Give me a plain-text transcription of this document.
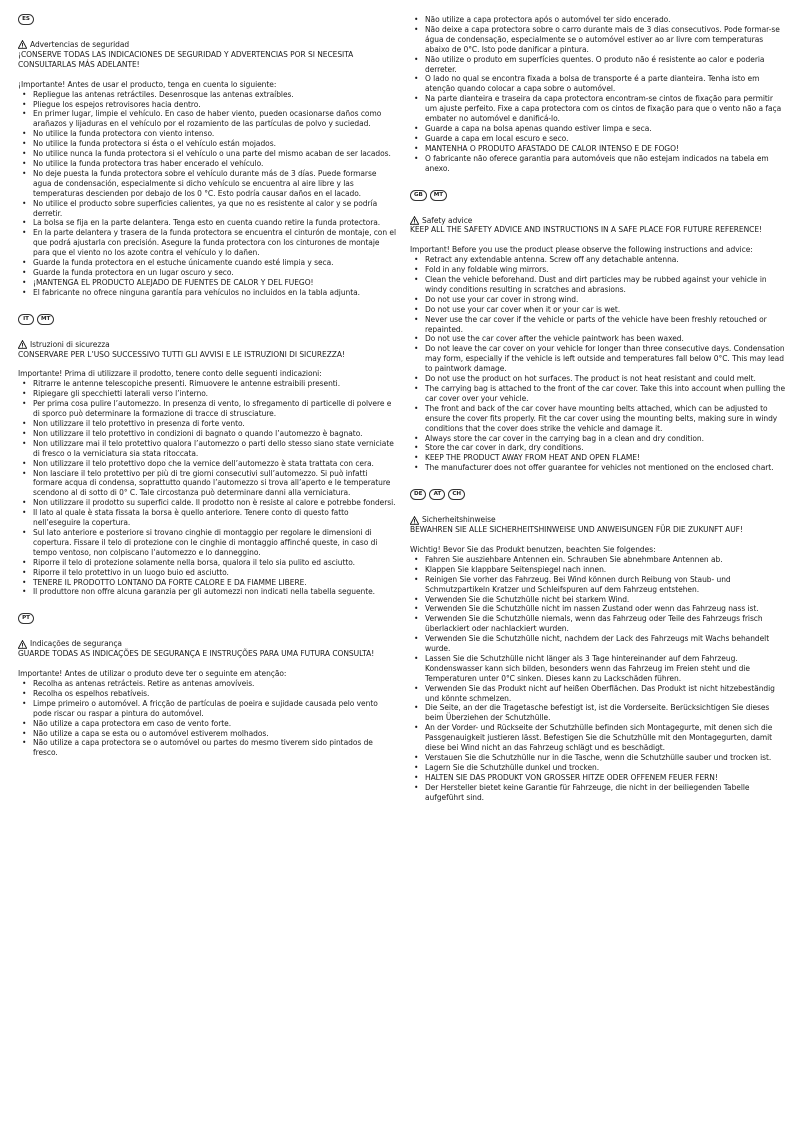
ES
Advertencias de seguridad
¡CONSERVE TODAS LAS INDICACIONES DE SEGURIDAD Y ADVERTENCIAS POR SI NECESITA CONSULTARLAS MÁS ADELANTE!
¡Importante! Antes de usar el producto, tenga en cuenta lo siguiente:
• Repliegue las antenas retráctiles. Desenrosque las antenas extraíbles.
• Pliegue los espejos retrovisores hacia dentro.
• En primer lugar, limpie el vehículo. En caso de haber viento, pueden ocasionarse daños como arañazos y lijaduras en el vehículo por el rozamiento de las partículas de polvo y suciedad.
• No utilice la funda protectora con viento intenso.
• No utilice la funda protectora si ésta o el vehículo están mojados.
• No utilice nunca la funda protectora si el vehículo o una parte del mismo acaban de ser lacados.
• No utilice la funda protectora tras haber encerado el vehículo.
• No deje puesta la funda protectora sobre el vehículo durante más de 3 días. Puede formarse agua de condensación, especialmente si dicho vehículo se encuentra al aire libre y las temperaturas descienden por debajo de los 0 °C. Esto podría causar daños en el lacado.
• No utilice el producto sobre superficies calientes, ya que no es resistente al calor y se podría derretir.
• La bolsa se fija en la parte delantera. Tenga esto en cuenta cuando retire la funda protectora.
• En la parte delantera y trasera de la funda protectora se encuentra el cinturón de montaje, con el que podrá ajustarla con precisión. Asegure la funda protectora con los cinturones de montaje para que el viento no los azote contra el vehículo y lo dañen.
• Guarde la funda protectora en el estuche únicamente cuando esté limpia y seca.
• Guarde la funda protectora en un lugar oscuro y seco.
• ¡MANTENGA EL PRODUCTO ALEJADO DE FUENTES DE CALOR Y DEL FUEGO!
• El fabricante no ofrece ninguna garantía para vehículos no incluidos en la tabla adjunta.
IT	MT
Istruzioni di sicurezza
CONSERVARE PER L’USO SUCCESSIVO TUTTI GLI AVVISI E LE ISTRUZIONI DI SICUREZZA!
Importante! Prima di utilizzare il prodotto, tenere conto delle seguenti indicazioni:
• Ritrarre le antenne telescopiche presenti. Rimuovere le antenne estraibili presenti.
• Ripiegare gli specchietti laterali verso l’interno.
• Per prima cosa pulire l’automezzo. In presenza di vento, lo sfregamento di particelle di polvere e di sporco può determinare la formazione di tracce di strusciature.
• Non utilizzare il telo protettivo in presenza di forte vento.
• Non utilizzare il telo protettivo in condizioni di bagnato o quando l’automezzo è bagnato.
• Non utilizzare mai il telo protettivo qualora l’automezzo o parti dello stesso siano state verniciate di fresco o la verniciatura sia stata ritoccata.
• Non utilizzare il telo protettivo dopo che la vernice dell’automezzo è stata trattata con cera.
• Non lasciare il telo protettivo per più di tre giorni consecutivi sull’automezzo. Si può infatti formare acqua di condensa, soprattutto quando l’automezzo si trova all’aperto e le temperature scendono al di sotto di 0° C. Tale circostanza può determinare danni alla verniciatura.
• Non utilizzare il prodotto su superfici calde. Il prodotto non è resiste al calore e potrebbe fondersi.
• Il lato al quale è stata fissata la borsa è quello anteriore. Tenere conto di questo fatto nell’eseguire la copertura.
• Sul lato anteriore e posteriore si trovano cinghie di montaggio per regolare le dimensioni di copertura. Fissare il telo di protezione con le cinghie di montaggio affinché queste, in caso di tempo ventoso, non colpiscano l’automezzo e lo danneggino.
• Riporre il telo di protezione solamente nella borsa, qualora il telo sia pulito ed asciutto.
• Riporre il telo protettivo in un luogo buio ed asciutto.
• TENERE IL PRODOTTO LONTANO DA FORTE CALORE E DA FIAMME LIBERE.
• Il produttore non offre alcuna garanzia per gli automezzi non indicati nella tabella seguente.
PT
Indicações de segurança
GUARDE TODAS AS INDICAÇÕES DE SEGURANÇA E INSTRUÇÕES PARA UMA FUTURA CONSULTA!
Importante! Antes de utilizar o produto deve ter o seguinte em atenção:
• Recolha as antenas retrácteis. Retire as antenas amovíveis.
• Recolha os espelhos rebatíveis.
• Limpe primeiro o automóvel. A fricção de partículas de poeira e sujidade causada pelo vento pode riscar ou raspar a pintura do automóvel.
• Não utilize a capa protectora em caso de vento forte.
• Não utilize a capa se esta ou o automóvel estiverem molhados.
• Não utilize a capa protectora se o automóvel ou partes do mesmo tiverem sido pintados de fresco.
• Não utilize a capa protectora após o automóvel ter sido encerado.
• Não deixe a capa protectora sobre o carro durante mais de 3 dias consecutivos. Pode formar-se água de condensação, especialmente se o automóvel estiver ao ar livre com temperaturas abaixo de 0°C. Isto pode danificar a pintura.
• Não utilize o produto em superfícies quentes. O produto não é resistente ao calor e poderia derreter.
• O lado no qual se encontra fixada a bolsa de transporte é a parte dianteira. Tenha isto em atenção quando colocar a capa sobre o automóvel.
• Na parte dianteira e traseira da capa protectora encontram-se cintos de fixação para permitir um ajuste perfeito. Fixe a capa protectora com os cintos de fixação para que o vento não a faça embater no automóvel e danificá-lo.
• Guarde a capa na bolsa apenas quando estiver limpa e seca.
• Guarde a capa em local escuro e seco.
• MANTENHA O PRODUTO AFASTADO DE CALOR INTENSO E DE FOGO!
• O fabricante não oferece garantia para automóveis que não estejam indicados na tabela em anexo.
GB	MT
Safety advice
KEEP ALL THE SAFETY ADVICE AND INSTRUCTIONS IN A SAFE PLACE FOR FUTURE REFERENCE!
Important! Before you use the product please observe the following instructions and advice:
• Retract any extendable antenna. Screw off any detachable antenna.
• Fold in any foldable wing mirrors.
• Clean the vehicle beforehand. Dust and dirt particles may be rubbed against your vehicle in windy conditions resulting in scratches and abrasions.
• Do not use your car cover in strong wind.
• Do not use your car cover when it or your car is wet.
• Never use the car cover if the vehicle or parts of the vehicle have been freshly retouched or repainted.
• Do not use the car cover after the vehicle paintwork has been waxed.
• Do not leave the car cover on your vehicle for longer than three consecutive days. Condensation may form, especially if the vehicle is left outside and temperatures fall below 0°C. This may lead to paintwork damage.
• Do not use the product on hot surfaces. The product is not heat resistant and could melt.
• The carrying bag is attached to the front of the car cover. Take this into account when pulling the car cover over your vehicle.
• The front and back of the car cover have mounting belts attached, which can be adjusted to ensure the cover fits properly. Fit the car cover using the mounting belts, making sure in windy conditions that the cover does strike the vehicle and damage it.
• Always store the car cover in the carrying bag in a clean and dry condition.
• Store the car cover in dark, dry conditions.
• KEEP THE PRODUCT AWAY FROM HEAT AND OPEN FLAME!
• The manufacturer does not offer guarantee for vehicles not mentioned on the enclosed chart.
DE	AT	CH
Sicherheitshinweise
BEWAHREN SIE ALLE SICHERHEITSHINWEISE UND ANWEISUNGEN FÜR DIE ZUKUNFT AUF!
Wichtig! Bevor Sie das Produkt benutzen, beachten Sie folgendes:
• Fahren Sie ausziehbare Antennen ein. Schrauben Sie abnehmbare Antennen ab.
• Klappen Sie klappbare Seitenspiegel nach innen.
• Reinigen Sie vorher das Fahrzeug. Bei Wind können durch Reibung von Staub- und Schmutzpartikeln Kratzer und Schleifspuren auf dem Fahrzeug entstehen.
• Verwenden Sie die Schutzhülle nicht bei starkem Wind.
• Verwenden Sie die Schutzhülle nicht im nassen Zustand oder wenn das Fahrzeug nass ist.
• Verwenden Sie die Schutzhülle niemals, wenn das Fahrzeug oder Teile des Fahrzeugs frisch überlackiert oder nachlackiert wurden.
• Verwenden Sie die Schutzhülle nicht, nachdem der Lack des Fahrzeugs mit Wachs behandelt wurde.
• Lassen Sie die Schutzhülle nicht länger als 3 Tage hintereinander auf dem Fahrzeug. Kondenswasser kann sich bilden, besonders wenn das Fahrzeug im Freien steht und die Temperaturen unter 0°C sinken. Dieses kann zu Lackschäden führen.
• Verwenden Sie das Produkt nicht auf heißen Oberflächen. Das Produkt ist nicht hitzebeständig und könnte schmelzen.
• Die Seite, an der die Tragetasche befestigt ist, ist die Vorderseite. Berücksichtigen Sie dieses beim Überziehen der Schutzhülle.
• An der Vorder- und Rückseite der Schutzhülle befinden sich Montagegurte, mit denen sich die Passgenauigkeit justieren lässt. Befestigen Sie die Schutzhülle mit den Montagegurten, damit diese bei Wind nicht an das Fahrzeug schlägt und es beschädigt.
• Verstauen Sie die Schutzhülle nur in die Tasche, wenn die Schutzhülle sauber und trocken ist.
• Lagern Sie die Schutzhülle dunkel und trocken.
• HALTEN SIE DAS PRODUKT VON GROSSER HITZE ODER OFFENEM FEUER FERN!
• Der Hersteller bietet keine Garantie für Fahrzeuge, die nicht in der beiliegenden Tabelle aufgeführt sind.
